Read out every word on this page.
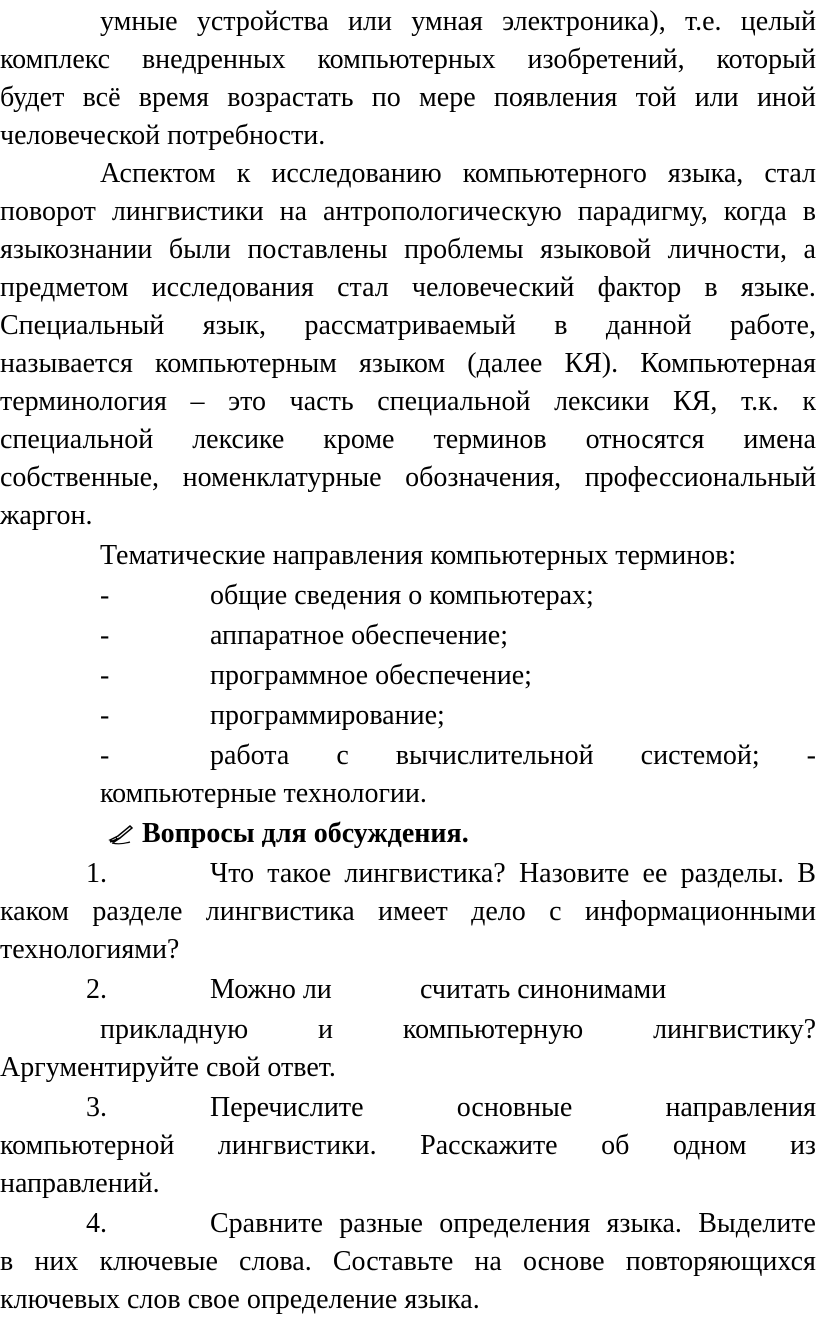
умные устройства или умная электроника), т.е. целый
комплекс внедренных компьютерных изобретений, который
будет всё время возрастать по мере появления той или иной
человеческой потребности.
Аспектом к исследованию компьютерного языка, стал
поворот лингвистики на антропологическую парадигму, когда в
языкознании были поставлены проблемы языковой личности, а
предметом исследования стал человеческий фактор в языке.
Специальный язык, рассматриваемый в данной работе,
называется компьютерным языком (далее КЯ). Компьютерная
терминология – это часть специальной лексики КЯ, т.к. к
специальной лексике кроме терминов относятся имена
собственные, номенклатурные обозначения, профессиональный
жаргон.
Тематические направления компьютерных терминов:
-	общие сведения о компьютерах;
-	аппаратное обеспечение;
-	программное обеспечение;
-	программирование;
-	работа с вычислительной системой; -
компьютерные технологии.
Вопросы для обсуждения.
1.	Что такое лингвистика? Назовите ее разделы. В
каком разделе лингвистика имеет дело с информационными
технологиями?
2.	Можно ли	считать синонимами
прикладную и компьютерную лингвистику?
Аргументируйте свой ответ.
3.	Перечислите	основные	направления
компьютерной лингвистики. Расскажите об одном из
направлений.
4.	Сравните разные определения языка. Выделите
в них ключевые слова. Составьте на основе повторяющихся
ключевых слов свое определение языка.
